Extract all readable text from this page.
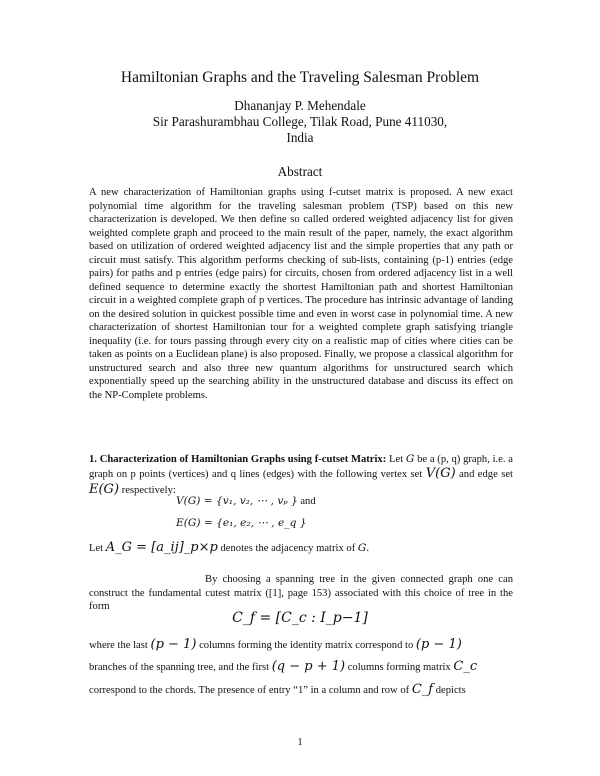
Hamiltonian Graphs and the Traveling Salesman Problem
Dhananjay P. Mehendale
Sir Parashurambhau College, Tilak Road, Pune 411030,
India
Abstract
A new characterization of Hamiltonian graphs using f-cutset matrix is proposed. A new exact polynomial time algorithm for the traveling salesman problem (TSP) based on this new characterization is developed. We then define so called ordered weighted adjacency list for given weighted complete graph and proceed to the main result of the paper, namely, the exact algorithm based on utilization of ordered weighted adjacency list and the simple properties that any path or circuit must satisfy. This algorithm performs checking of sub-lists, containing (p-1) entries (edge pairs) for paths and p entries (edge pairs) for circuits, chosen from ordered adjacency list in a well defined sequence to determine exactly the shortest Hamiltonian path and shortest Hamiltonian circuit in a weighted complete graph of p vertices. The procedure has intrinsic advantage of landing on the desired solution in quickest possible time and even in worst case in polynomial time. A new characterization of shortest Hamiltonian tour for a weighted complete graph satisfying triangle inequality (i.e. for tours passing through every city on a realistic map of cities where cities can be taken as points on a Euclidean plane) is also proposed. Finally, we propose a classical algorithm for unstructured search and also three new quantum algorithms for unstructured search which exponentially speed up the searching ability in the unstructured database and discuss its effect on the NP-Complete problems.
1. Characterization of Hamiltonian Graphs using f-cutset Matrix: Let G be a (p, q) graph, i.e. a graph on p points (vertices) and q lines (edges) with the following vertex set V(G) and edge set E(G) respectively:
V(G) = {v₁, v₂, ⋯ , vₚ } and
E(G) = {e₁, e₂, ⋯ , e_q }
Let A_G = [a_ij]_p×p denotes the adjacency matrix of G.
By choosing a spanning tree in the given connected graph one can construct the fundamental cutest matrix ([1], page 153) associated with this choice of tree in the form
C_f = [C_c : I_p−1]
where the last (p − 1) columns forming the identity matrix correspond to (p − 1)
branches of the spanning tree, and the first (q − p + 1) columns forming matrix C_c
correspond to the chords. The presence of entry “1” in a column and row of C_f depicts
1
